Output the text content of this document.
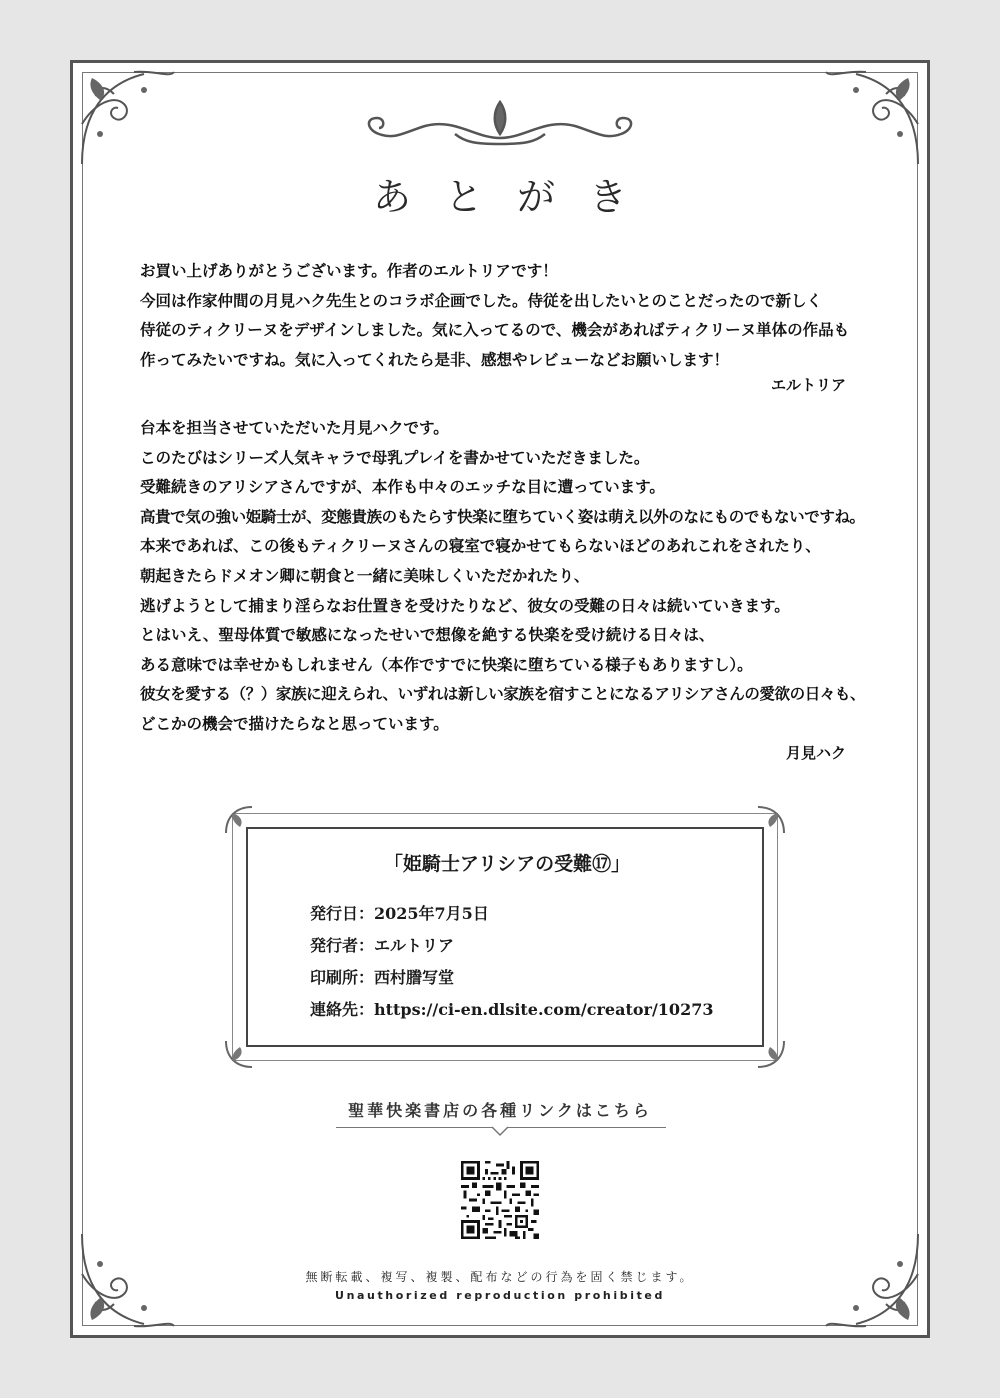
あとがき

お買い上げありがとうございます。作者のエルトリアです！

今回は作家仲間の月見ハク先生とのコラボ企画でした。侍従を出したいとのことだったので新しく

侍従のティクリーヌをデザインしました。気に入ってるので、機会があればティクリーヌ単体の作品も

作ってみたいですね。気に入ってくれたら是非、感想やレビューなどお願いします！

エルトリア

台本を担当させていただいた月見ハクです。

このたびはシリーズ人気キャラで母乳プレイを書かせていただきました。

受難続きのアリシアさんですが、本作も中々のエッチな目に遭っています。

高貴で気の強い姫騎士が、変態貴族のもたらす快楽に堕ちていく姿は萌え以外のなにものでもないですね。

本来であれば、この後もティクリーヌさんの寝室で寝かせてもらないほどのあれこれをされたり、

朝起きたらドメオン卿に朝食と一緒に美味しくいただかれたり、

逃げようとして捕まり淫らなお仕置きを受けたりなど、彼女の受難の日々は続いていきます。

とはいえ、聖母体質で敏感になったせいで想像を絶する快楽を受け続ける日々は、

ある意味では幸せかもしれません（本作ですでに快楽に堕ちている様子もありますし）。

彼女を愛する（？）家族に迎えられ、いずれは新しい家族を宿すことになるアリシアさんの愛欲の日々も、

どこかの機会で描けたらなと思っています。

月見ハク
「姫騎士アリシアの受難⑰」
発行日：2025年7月5日
発行者：エルトリア
印刷所：西村謄写堂
連絡先：https://ci-en.dlsite.com/creator/10273
聖華快楽書店の各種リンクはこちら
無断転載、複写、複製、配布などの行為を固く禁じます。
Unauthorized reproduction prohibited
